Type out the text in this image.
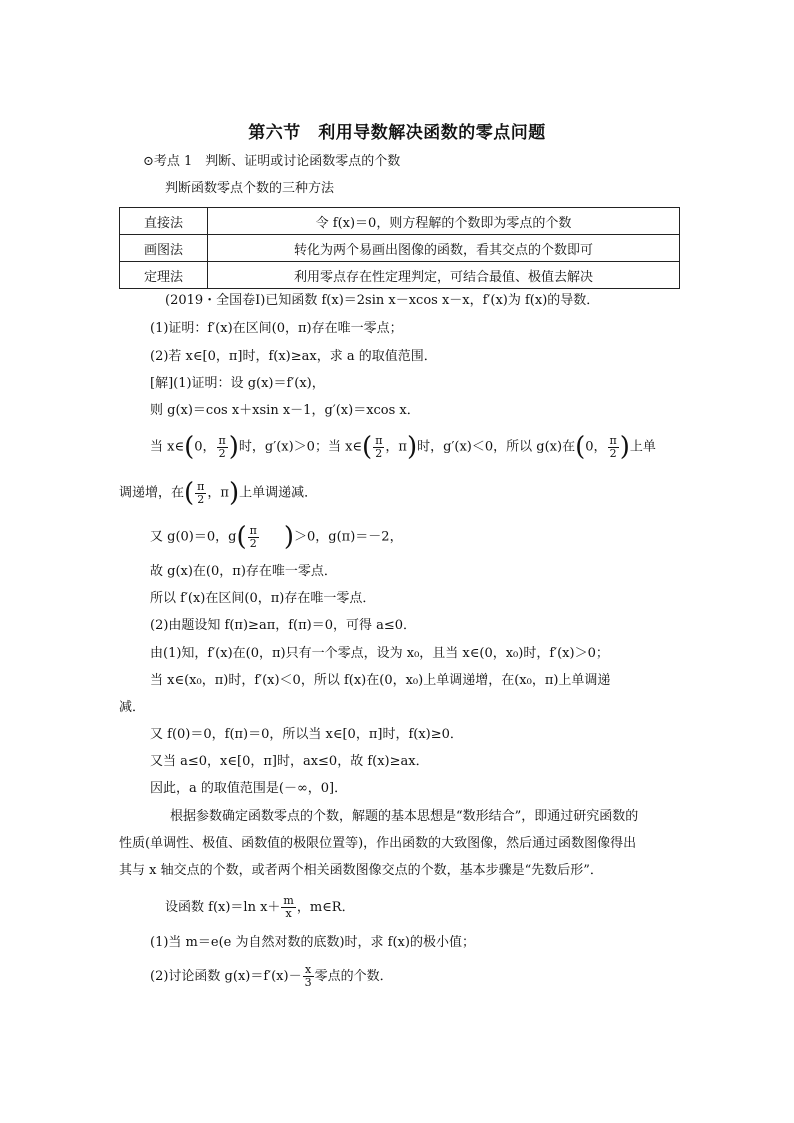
第六节　利用导数解决函数的零点问题
⊙考点 1　判断、证明或讨论函数零点的个数
判断函数零点个数的三种方法
直接法	令 f(x)＝0，则方程解的个数即为零点的个数
画图法	转化为两个易画出图像的函数，看其交点的个数即可
定理法	利用零点存在性定理判定，可结合最值、极值去解决
(2019・全国卷Ⅰ)已知函数 f(x)＝2sin x－xcos x－x，f′(x)为 f(x)的导数．
(1)证明：f′(x)在区间(0，π)存在唯一零点；
(2)若 x∈[0，π]时，f(x)≥ax，求 a 的取值范围．
[解](1)证明：设 g(x)＝f′(x)，
则 g(x)＝cos x＋xsin x－1，g′(x)＝xcos x．
当 x∈(0， $\frac{\pi}{2}$ )时，g′(x)＞0；当 x∈( $\frac{\pi}{2}$ ，π)时，g′(x)＜0，所以 g(x)在(0， $\frac{\pi}{2}$ )上单
调递增，在( $\frac{\pi}{2}$ ，π)上单调递减．
又 g(0)＝0，$g( \frac{\pi}{2} )>0$，g(π)＝－2，
故 g(x)在(0，π)存在唯一零点．
所以 f′(x)在区间(0，π)存在唯一零点．
(2)由题设知 f(π)≥aπ，f(π)＝0，可得 a≤0．
由(1)知，f′(x)在(0，π)只有一个零点，设为 x₀，且当 x∈(0，x₀)时，f′(x)＞0；
当 x∈(x₀，π)时，f′(x)＜0，所以 f(x)在(0，x₀)上单调递增，在(x₀，π)上单调递
减．
又 f(0)＝0，f(π)＝0，所以当 x∈[0，π]时，f(x)≥0．
又当 a≤0，x∈[0，π]时，ax≤0，故 f(x)≥ax．
因此，a 的取值范围是(－∞，0]．
根据参数确定函数零点的个数，解题的基本思想是“数形结合”，即通过研究函数的
性质(单调性、极值、函数值的极限位置等)，作出函数的大致图像，然后通过函数图像得出
其与 x 轴交点的个数，或者两个相关函数图像交点的个数，基本步骤是“先数后形”．
设函数 f(x)＝ln $x+ \frac{m}{x}$ ，m∈R．
(1)当 m＝e(e 为自然对数的底数)时，求 f(x)的极小值；
(2)讨论函数 $g(x)=f'(x)- \frac{x}{3}$ 零点的个数．
